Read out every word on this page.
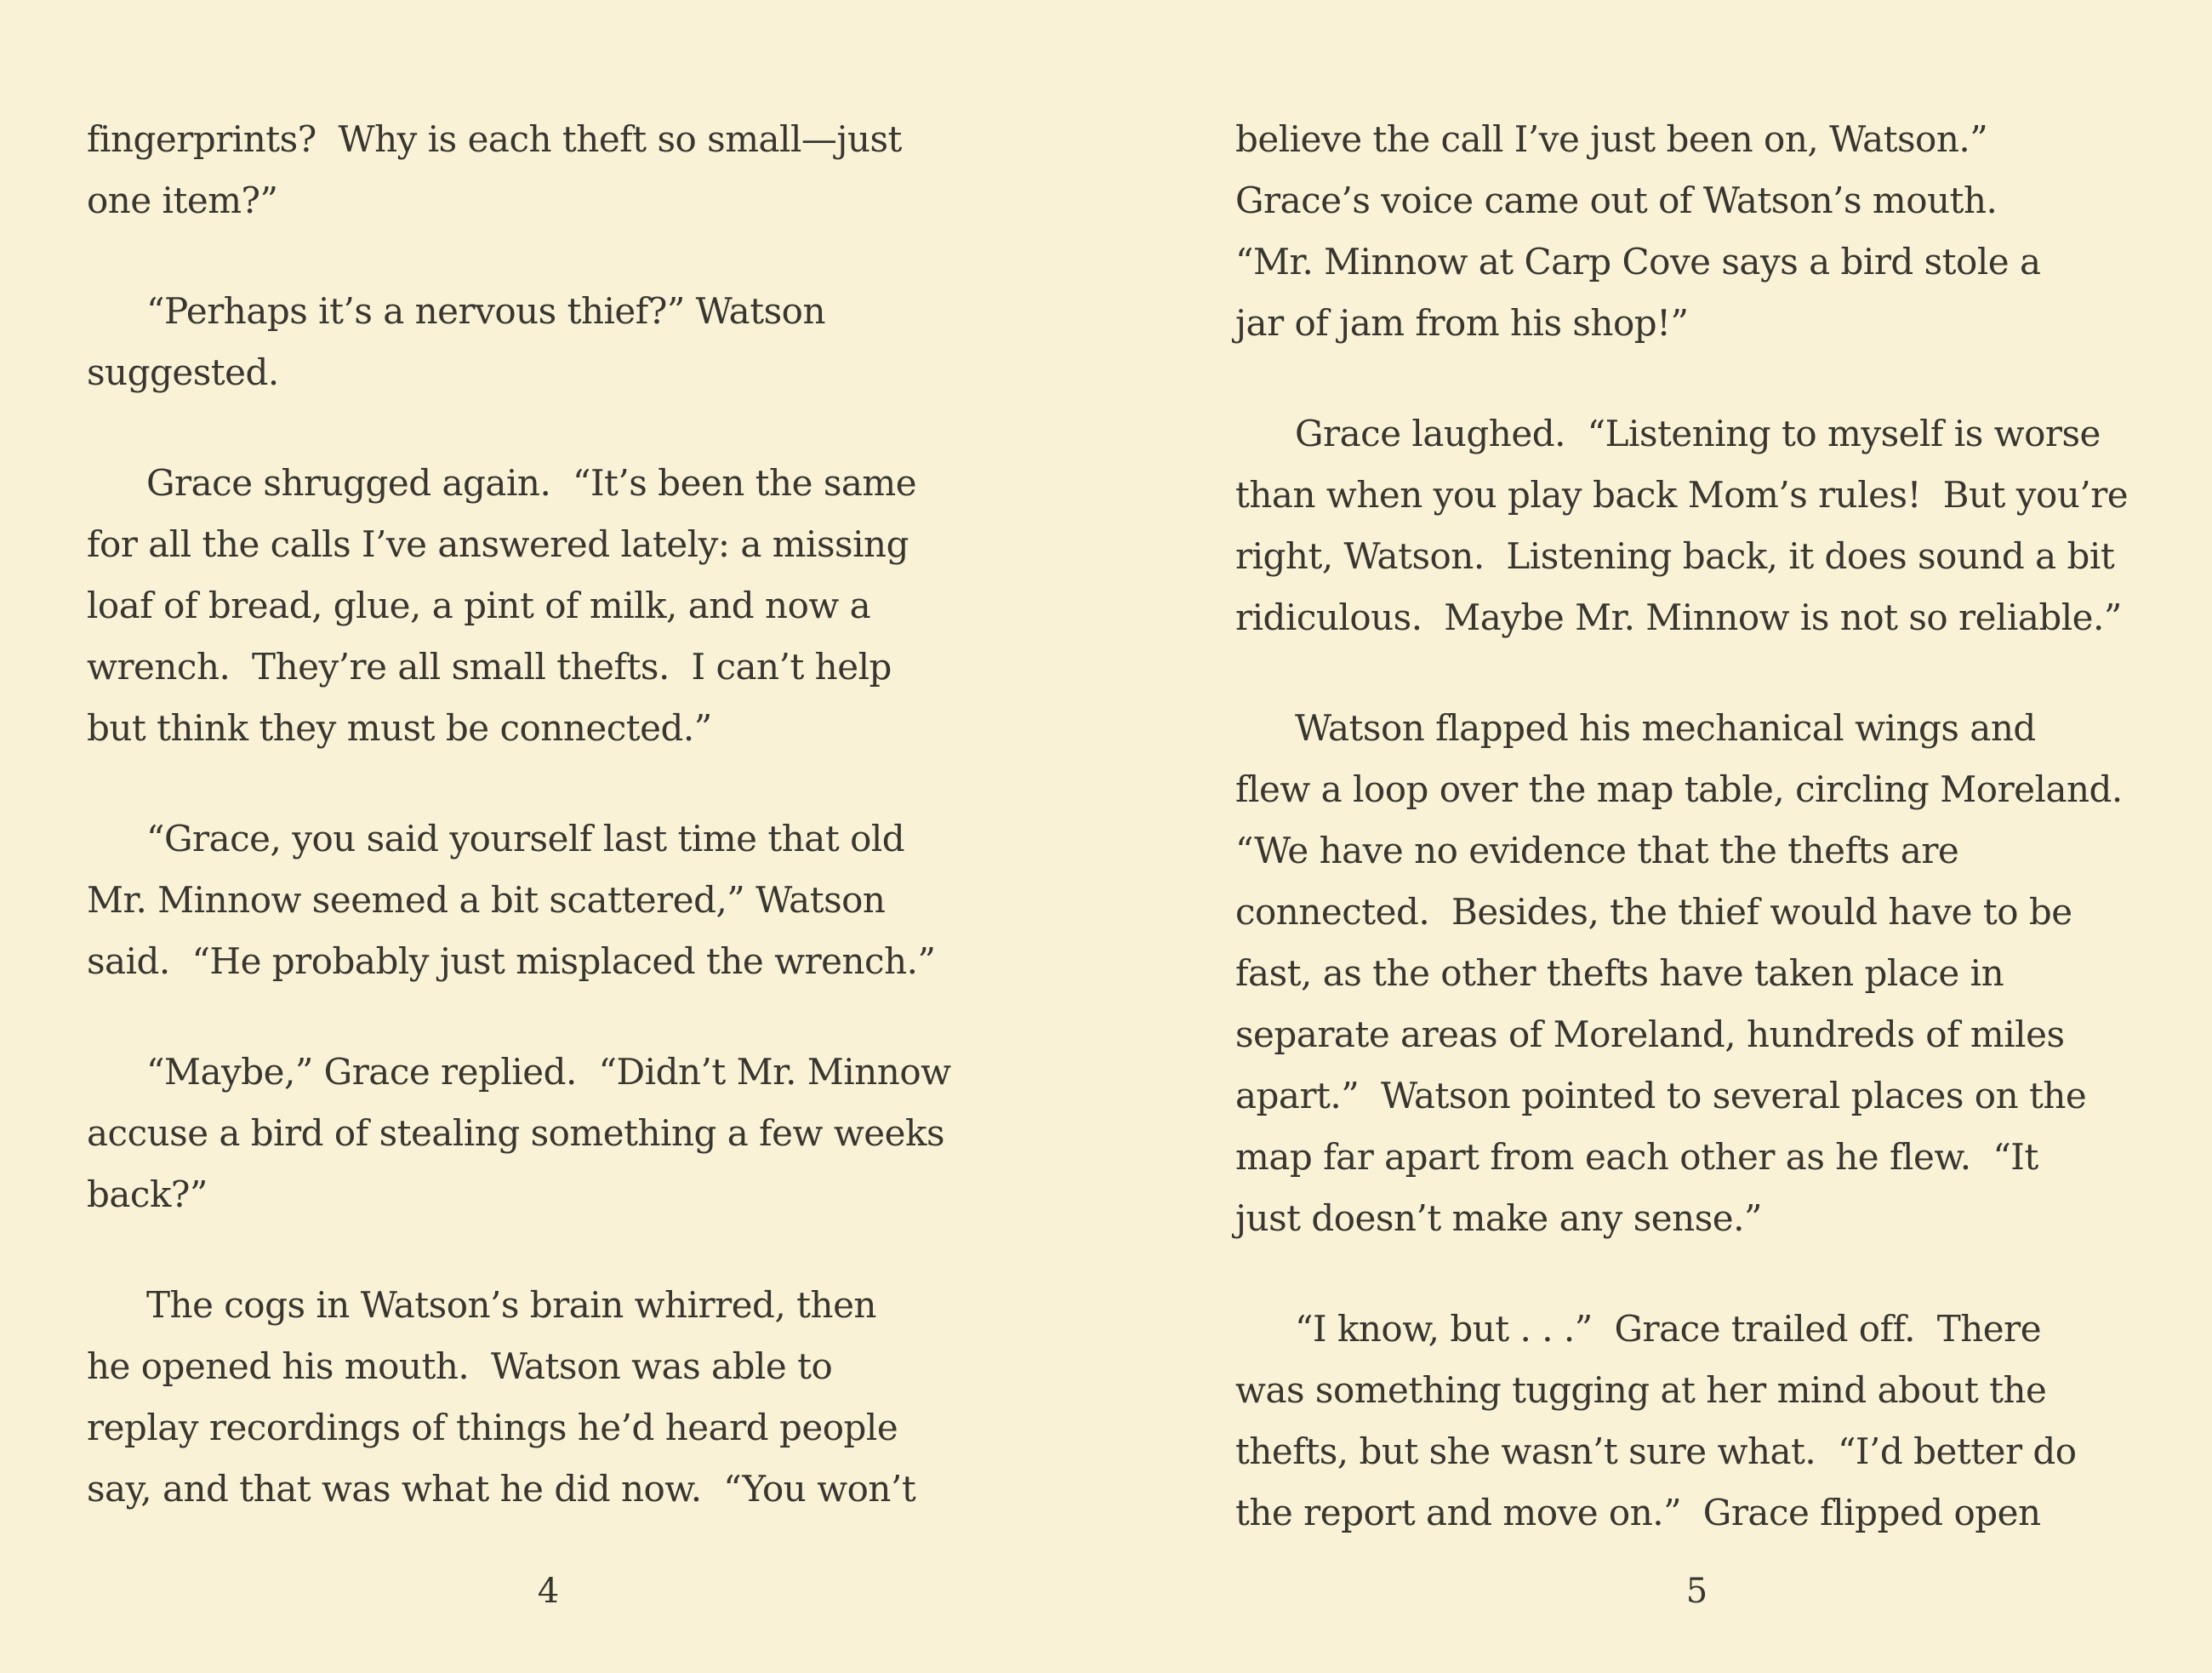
fingerprints?  Why is each theft so small—just
one item?”
“Perhaps it’s a nervous thief?” Watson
suggested.
Grace shrugged again.  “It’s been the same
for all the calls I’ve answered lately: a missing
loaf of bread, glue, a pint of milk, and now a
wrench.  They’re all small thefts.  I can’t help
but think they must be connected.”
“Grace, you said yourself last time that old
Mr. Minnow seemed a bit scattered,” Watson
said.  “He probably just misplaced the wrench.”
“Maybe,” Grace replied.  “Didn’t Mr. Minnow
accuse a bird of stealing something a few weeks
back?”
The cogs in Watson’s brain whirred, then
he opened his mouth.  Watson was able to
replay recordings of things he’d heard people
say, and that was what he did now.  “You won’t
believe the call I’ve just been on, Watson.”
Grace’s voice came out of Watson’s mouth.
“Mr. Minnow at Carp Cove says a bird stole a
jar of jam from his shop!”
Grace laughed.  “Listening to myself is worse
than when you play back Mom’s rules!  But you’re
right, Watson.  Listening back, it does sound a bit
ridiculous.  Maybe Mr. Minnow is not so reliable.”
Watson flapped his mechanical wings and
flew a loop over the map table, circling Moreland.
“We have no evidence that the thefts are
connected.  Besides, the thief would have to be
fast, as the other thefts have taken place in
separate areas of Moreland, hundreds of miles
apart.”  Watson pointed to several places on the
map far apart from each other as he flew.  “It
just doesn’t make any sense.”
“I know, but . . .”  Grace trailed off.  There
was something tugging at her mind about the
thefts, but she wasn’t sure what.  “I’d better do
the report and move on.”  Grace flipped open
4	5
